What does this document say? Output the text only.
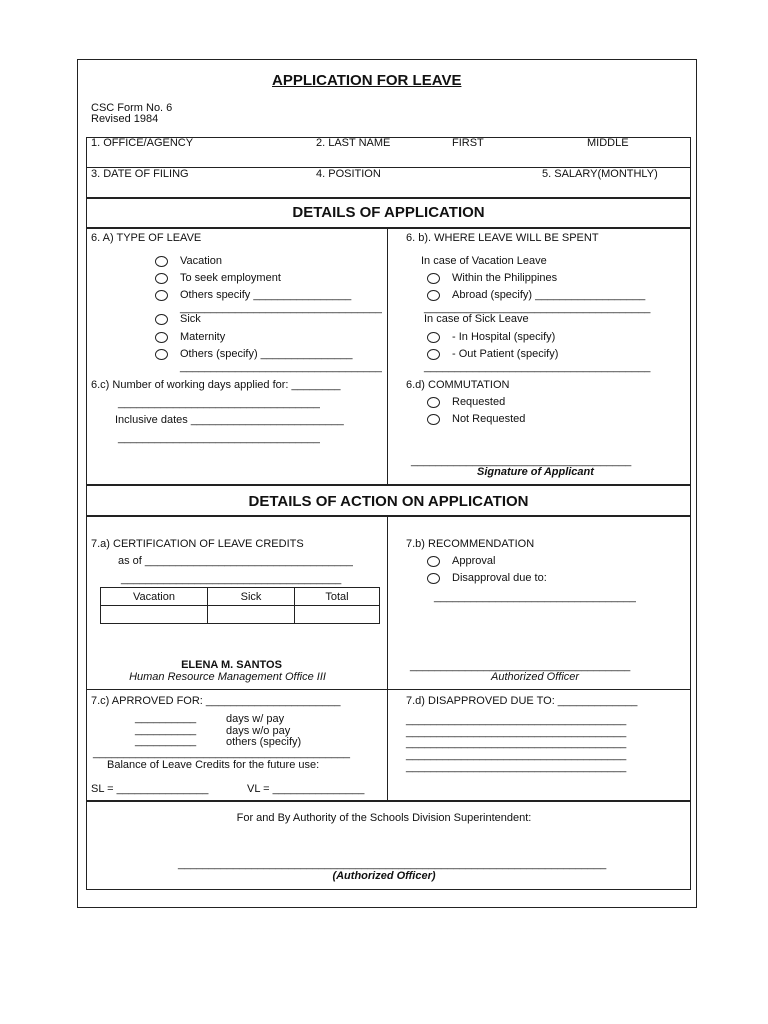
APPLICATION FOR LEAVE
CSC Form No. 6
Revised 1984
1. OFFICE/AGENCY	2. LAST NAME	FIRST	MIDDLE
3. DATE OF FILING	4. POSITION	5. SALARY(MONTHLY)
DETAILS OF APPLICATION
6. A) TYPE OF LEAVE
Vacation
To seek employment
Others specify ________________
_________________________________
Sick
Maternity
Others (specify) _______________
_________________________________
6.c) Number of working days applied for: ________
_________________________________
Inclusive dates _________________________
_________________________________
6. b). WHERE LEAVE WILL BE SPENT
In case of Vacation Leave
Within the Philippines
Abroad (specify) __________________
_____________________________________
In case of Sick Leave
- In Hospital (specify)
- Out Patient (specify)
_____________________________________
6.d) COMMUTATION
Requested
Not Requested
____________________________________
Signature of Applicant
DETAILS OF ACTION ON APPLICATION
7.a) CERTIFICATION OF LEAVE CREDITS
as of __________________________________
____________________________________
Vacation	Sick	Total

ELENA M. SANTOS
Human Resource Management Office III
7.b) RECOMMENDATION
Approval
Disapproval due to:
_________________________________
____________________________________
Authorized Officer
7.c) APRROVED FOR: ______________________
__________	days w/ pay
__________	days w/o pay
__________	others (specify)
__________________________________________
Balance of Leave Credits for the future use:
SL = _______________	VL = _______________
7.d) DISAPPROVED DUE TO: _____________
____________________________________
____________________________________
____________________________________
____________________________________
____________________________________
For and By Authority of the Schools Division Superintendent:
______________________________________________________________________
(Authorized Officer)
